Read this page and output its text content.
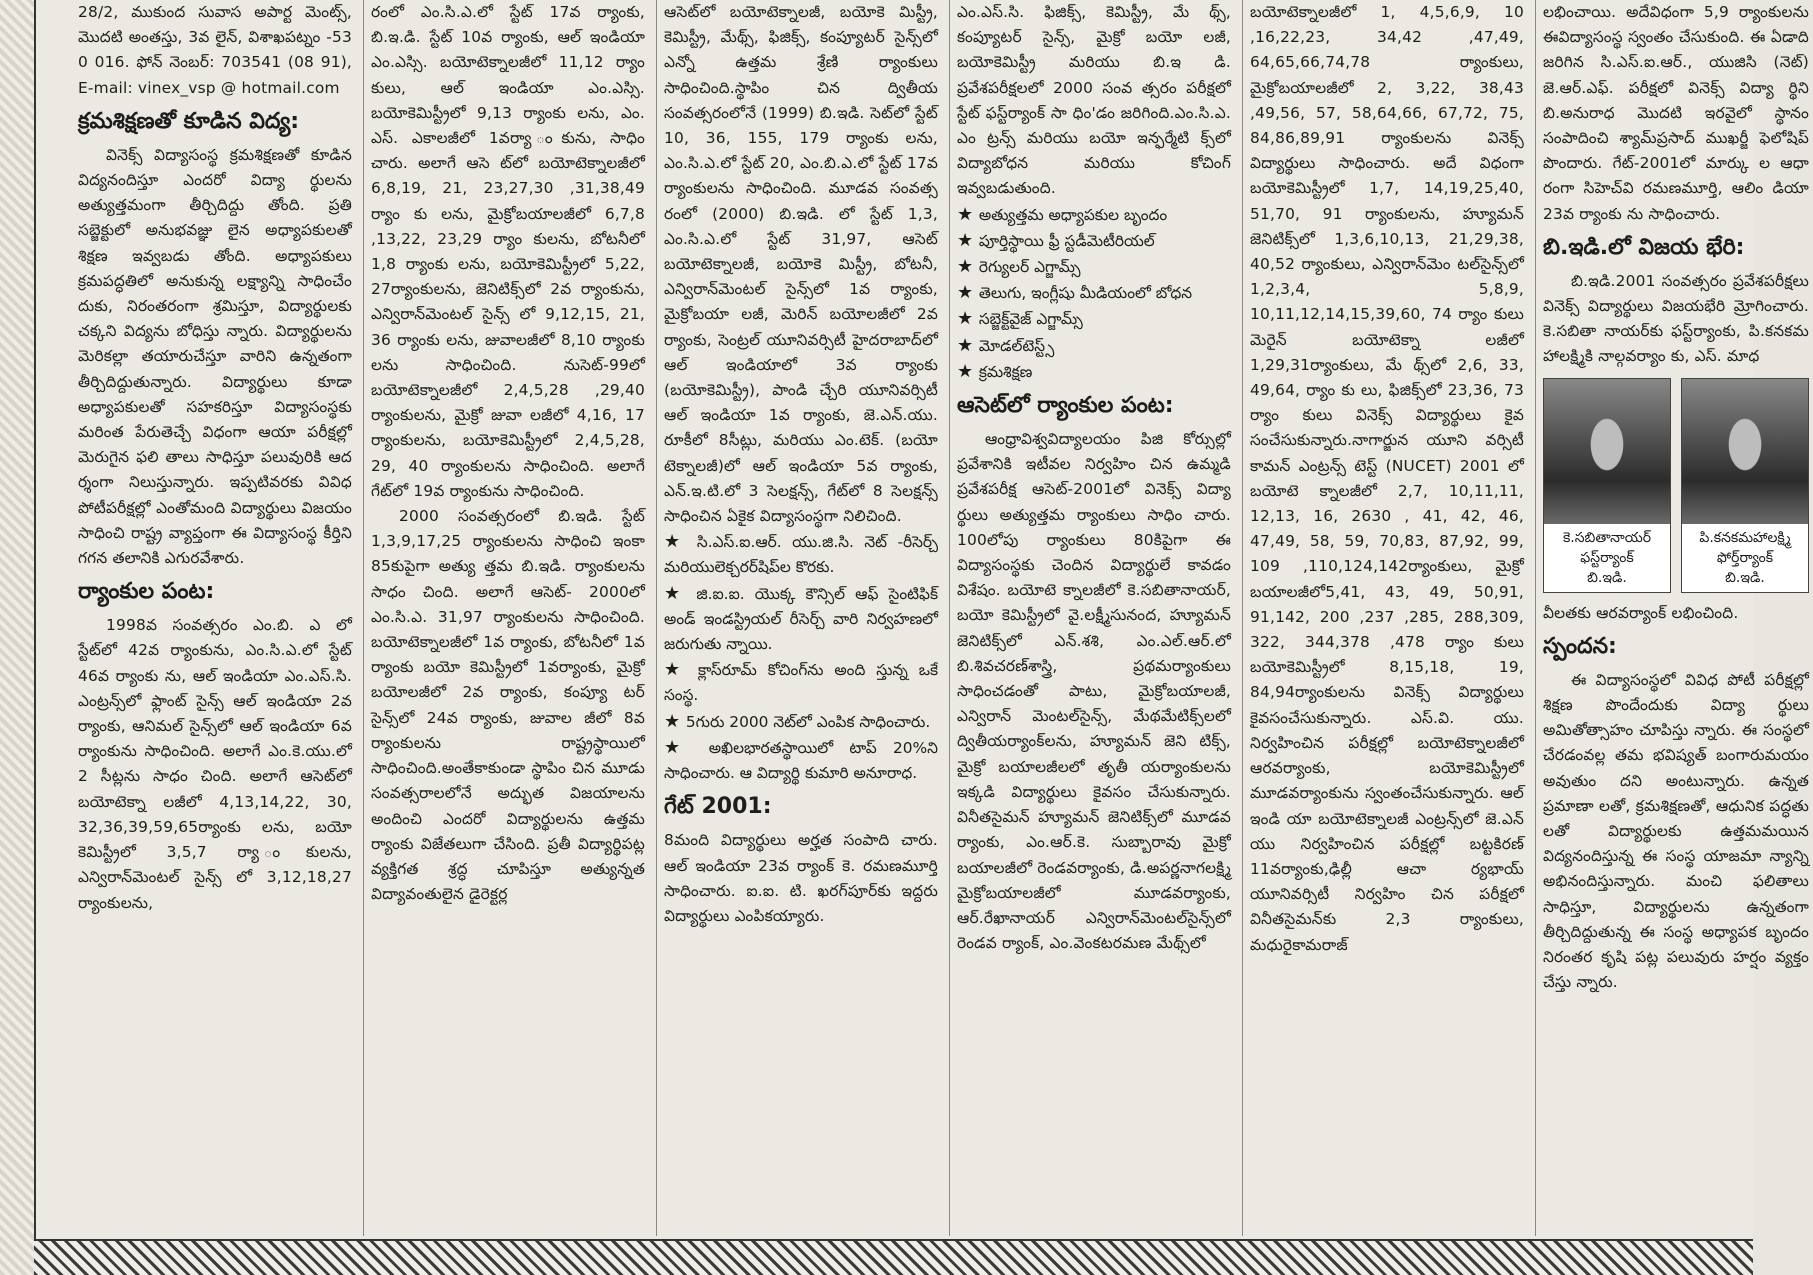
28/2, ముకుంద సువాస అపార్ట మెంట్స్, మొదటి అంతస్తు, 3వ లైన్, విశాఖపట్నం -53 0 016. ఫోన్ నెంబర్: 703541 (08 91), E-mail: vinex_vsp @ hotmail.com

క్రమశిక్షణతో కూడిన విద్య:

వినెక్స్ విద్యాసంస్థ క్రమశిక్షణతో కూడిన విద్యనందిస్తూ ఎందరో విద్యా ర్థులను అత్యుత్తమంగా తీర్చిదిద్దు తోంది. ప్రతి సబ్జెక్టులో అనుభవజ్ఞు లైన అధ్యాపకులతో శిక్షణ ఇవ్వబడు తోంది. అధ్యాపకులు క్రమపద్ధతిలో అనుకున్న లక్ష్యాన్ని సాధించేం దుకు, నిరంతరంగా శ్రమిస్తూ, విద్యార్థులకు చక్కని విద్యను బోధిస్తు న్నారు. విద్యార్థులను మెరికల్లా తయారుచేస్తూ వారిని ఉన్నతంగా తీర్చిదిద్దుతున్నారు. విద్యార్థులు కూడా అధ్యాపకులతో సహకరిస్తూ విద్యాసంస్థకు మరింత పేరుతెచ్చే విధంగా ఆయా పరీక్షల్లో మెరుగైన ఫలి తాలు సాధిస్తూ పలువురికి ఆద ర్శంగా నిలుస్తున్నారు. ఇప్పటివరకు వివిధ పోటీపరీక్షల్లో ఎంతోమంది విద్యార్థులు విజయం సాధించి రాష్ట్ర వ్యాప్తంగా ఈ విద్యాసంస్థ కీర్తిని గగన తలానికి ఎగురవేశారు.

ర్యాంకుల పంట:

1998వ సంవత్సరం ఎం.బి. ఎ లో స్టేట్‌లో 42వ ర్యాంకును, ఎం.సి.ఎ.లో స్టేట్ 46వ ర్యాంకు ను, ఆల్ ఇండియా ఎం.ఎస్.సి. ఎంట్రన్స్‌లో ఫ్లాంట్ సైన్స్ ఆల్ ఇండియా 2వ ర్యాంకు, ఆనిమల్ సైన్స్‌లో ఆల్ ఇండియా 6వ ర్యాంకును సాధించింది. అలాగే ఎం.కె.యు.లో 2 సీట్లను సాధం చింది. అలాగే ఆసెట్‌లో బయోటెక్నా లజీలో 4,13,14,22, 30, 32,36,39,59,65ర్యాంకు లను, బయో కెమిస్ట్రీలో 3,5,7 ర్యా ంకులను, ఎన్విరాన్‌మెంటల్ సైన్స్ లో 3,12,18,27 ర్యాంకులను,

రంలో ఎం.సి.ఎ.లో స్టేట్ 17వ ర్యాంకు, బి.ఇ.డి. స్టేట్ 10వ ర్యాంకు, ఆల్ ఇండియా ఎం.ఎస్సి. బయోటెక్నాలజీలో 11,12 ర్యాం కులు, ఆల్ ఇండియా ఎం.ఎస్సి. బయోకెమిస్ట్రీలో 9,13 ర్యాంకు లను, ఎం. ఎస్. ఎకాలజీలో 1వర్యా ంకును, సాధిం చారు. అలాగే ఆసె ట్‌లో బయోటెక్నాలజీలో 6,8,19, 21, 23,27,30 ,31,38,49 ర్యాం కు లను, మైక్రోబయాలజీలో 6,7,8 ,13,22, 23,29 ర్యాం కులను, బోటనీలో 1,8 ర్యాంకు లను, బయోకెమిస్ట్రీలో 5,22, 27ర్యాంకులను, జెనిటిక్స్‌లో 2వ ర్యాంకును, ఎన్విరాన్‌మెంటల్ సైన్స్ లో 9,12,15, 21, 36 ర్యాంకు లను, జువాలజీలో 8,10 ర్యాంకు లను సాధించింది. నుసెట్-99లో బయోటెక్నాలజీలో 2,4,5,28 ,29,40 ర్యాంకులను, మైక్రో జువా లజీలో 4,16, 17 ర్యాంకులను, బయోకెమిస్ట్రీలో 2,4,5,28, 29, 40 ర్యాంకులను సాధించింది. అలాగే గేట్‌లో 19వ ర్యాంకును సాధించింది.

2000 సంవత్సరంలో బి.ఇడి. స్టేట్ 1,3,9,17,25 ర్యాంకులను సాధించి ఇంకా 85కుపైగా అత్యు త్తమ బి.ఇడి. ర్యాంకులను సాధం చింది. అలాగే ఆసెట్- 2000లో ఎం.సి.ఎ. 31,97 ర్యాంకులను సాధించింది. బయోటెక్నాలజీలో 1వ ర్యాంకు, బోటనీలో 1వ ర్యాంకు బయో కెమిస్ట్రీలో 1వర్యాంకు, మైక్రో బయోలజీలో 2వ ర్యాంకు, కంప్యూ టర్ సైన్స్‌లో 24వ ర్యాంకు, జువాల జీలో 8వ ర్యాంకులను రాష్ట్రస్థాయిలో సాధించింది.అంతేకాకుండా స్థాపిం చిన మూడు సంవత్సరాలలోనే అద్భుత విజయాలను అందించి ఎందరో విద్యార్థులను ఉత్తమ ర్యాంకు విజేతలుగా చేసింది. ప్రతీ విద్యార్థిపట్ల వ్యక్తిగత శ్రద్ధ చూపిస్తూ అత్యున్నత విద్యావంతులైన డైరెక్టర్ల

ఆసెట్‌లో బయోటెక్నాలజీ, బయోకె మిస్ట్రీ, కెమిస్ట్రీ, మేథ్స్, ఫిజిక్స్, కంప్యూటర్ సైన్స్‌లో ఎన్నో ఉత్తమ శ్రేణి ర్యాంకులు సాధించింది.స్థాపిం చిన ద్వితీయ సంవత్సరంలోనే (1999) బి.ఇడి. సెట్‌లో స్టేట్ 10, 36, 155, 179 ర్యాంకు లను, ఎం.సి.ఎ.లో స్టేట్ 20, ఎం.బి.ఎ.లో స్టేట్ 17వ ర్యాంకులను సాధించింది. మూడవ సంవత్స రంలో (2000) బి.ఇడి. లో స్టేట్ 1,3, ఎం.సి.ఎ.లో స్టేట్ 31,97, ఆసెట్ బయోటెక్నాలజీ, బయోకె మిస్ట్రీ, బోటనీ, ఎన్విరాన్‌మెంటల్ సైన్స్‌లో 1వ ర్యాంకు, మైక్రోబయా లజీ, మెరిన్ బయోలజీలో 2వ ర్యాంకు, సెంట్రల్ యూనివర్సిటీ హైదరాబాద్‌లో ఆల్ ఇండియాలో 3వ ర్యాంకు (బయోకెమిస్ట్రీ), పాండి చ్చేరి యూనివర్సిటీ ఆల్ ఇండియా 1వ ర్యాంకు, జె.ఎన్.యు. రూకీలో 8సీట్లు, మరియు ఎం.టెక్. (బయో టెక్నాలజీ)లో ఆల్ ఇండియా 5వ ర్యాంకు, ఎన్.ఇ.టి.లో 3 సెలక్షన్స్, గేట్‌లో 8 సెలక్షన్స్ సాధించిన ఏకైక విద్యాసంస్థగా నిలిచింది.

★ సి.ఎస్.ఐ.ఆర్. యు.జి.సి. నెట్ -రీసెర్చ్ మరియులెక్చరర్‌షిప్‌ల కొరకు.
★ జి.ఐ.ఐ. యొక్క కౌన్సిల్ ఆఫ్ సైంటిఫిక్ అండ్ ఇండస్ట్రియల్ రీసెర్చ్ వారి నిర్వహణలో జరుగుతు న్నాయి.
★ క్లాస్‌రూమ్ కోచింగ్‌ను అంది స్తున్న ఒకే సంస్థ.
★ 5గురు 2000 నెట్‌లో ఎంపిక సాధించారు.
★ అఖిలభారతస్థాయిలో టాప్ 20%ని సాధించారు. ఆ విద్యార్థి కుమారి అనూరాధ.
గేట్ 2001:

8మంది విద్యార్థులు అర్హత సంపాది చారు. ఆల్ ఇండియా 23వ ర్యాంక్ కె. రమణమూర్తి సాధించారు. ఐ.ఐ. టి. ఖరగ్‌పూర్‌కు ఇద్దరు విద్యార్థులు ఎంపికయ్యారు.

ఎం.ఎస్.సి. ఫిజిక్స్, కెమిస్ట్రీ, మే థ్స్, కంప్యూటర్ సైన్స్, మైక్రో బయో లజీ, బయోకెమిస్ట్రీ మరియు బి.ఇ డి. ప్రవేశపరీక్షలలో 2000 సంవ త్సరం పరీక్షలో స్టేట్ ఫస్ట్‌ర్యాంక్ సా ధిం'డం జరిగింది.ఎం.సి.ఎ. ఎం ట్రన్స్ మరియు బయో ఇన్ఫర్మేటి క్స్‌లో విద్యాబోధన మరియు కోచింగ్ ఇవ్వబడుతుంది.

★ అత్యుత్తమ అధ్యాపకుల బృందం
★ పూర్తిస్థాయి ఫ్రీ స్టడీమెటీరియల్
★ రెగ్యులర్ ఎగ్జామ్స్
★ తెలుగు, ఇంగ్లీషు మీడియంలో బోధన
★ సబ్జెక్ట్‌వైజ్ ఎగ్జామ్స్
★ మోడల్‌టెస్ట్స్
★ క్రమశిక్షణ
ఆసెట్‌లో ర్యాంకుల పంట:

ఆంధ్రావిశ్వవిద్యాలయం పిజి కోర్సుల్లో ప్రవేశానికి ఇటీవల నిర్వహిం చిన ఉమ్మడి ప్రవేశపరీక్ష ఆసెట్-2001లో వినెక్స్ విద్యా ర్థులు అత్యుత్తమ ర్యాంకులు సాధిం చారు. 100లోపు ర్యాంకులు 80కిపైగా ఈ విద్యాసంస్థకు చెందిన విద్యార్థులే కావడం విశేషం. బయోటె క్నాలజీలో కె.సబితానాయర్, బయో కెమిస్ట్రీలో వై.లక్ష్మీసునంద, హ్యూమన్ జెనిటిక్స్‌లో ఎన్.శశి, ఎం.ఎల్.ఆర్.లో బి.శివచరణ్‌శాస్త్రి, ప్రథమర్యాంకులు సాధించడంతో పాటు, మైక్రోబయాలజీ, ఎన్విరాన్ మెంటల్‌సైన్స్, మేథమేటిక్స్‌లలో ద్వితీయర్యాంక్‌లను, హ్యూమన్ జెని టిక్స్, మైక్రో బయాలజీలలో తృతీ యర్యాంకులను ఇక్కడి విద్యార్థులు కైవసం చేసుకున్నారు. వినీతసైమన్ హ్యూమన్ జెనిటిక్స్‌లో మూడవ ర్యాంకు, ఎం.ఆర్.కె. సుబ్బారావు మైక్రో బయాలజీలో రెండవర్యాంకు, డి.అపర్ణనాగలక్ష్మి మైక్రోబయాలజీలో మూడవర్యాంకు, ఆర్.రేఖానాయర్ ఎన్విరాన్‌మెంటల్‌సైన్స్‌లో రెండవ ర్యాంక్, ఎం.వెంకటరమణ మేథ్స్‌లో

బయోటెక్నాలజీలో 1, 4,5,6,9, 10 ,16,22,23, 34,42 ,47,49, 64,65,66,74,78 ర్యాంకులు, మైక్రోబయాలజీలో 2, 3,22, 38,43 ,49,56, 57, 58,64,66, 67,72, 75, 84,86,89,91 ర్యాంకులను వినెక్స్ విద్యార్థులు సాధించారు. అదే విధంగా బయోకెమిస్ట్రీలో 1,7, 14,19,25,40, 51,70, 91 ర్యాంకులను, హ్యూమన్ జెనిటిక్స్‌లో 1,3,6,10,13, 21,29,38, 40,52 ర్యాంకులు, ఎన్విరాన్‌మెం టల్‌సైన్స్‌లో 1,2,3,4, 5,8,9, 10,11,12,14,15,39,60, 74 ర్యాం కులు మెరైన్ బయోటెక్నా లజీలో 1,29,31ర్యాంకులు, మే థ్స్‌లో 2,6, 33, 49,64, ర్యాం కు లు, ఫిజిక్స్‌లో 23,36, 73 ర్యాం కులు వినెక్స్ విద్యార్థులు కైవ సంచేసుకున్నారు.నాగార్జున యూని వర్సిటీ కామన్ ఎంట్రన్స్ టెస్ట్ (NUCET) 2001 లో బయోటె క్నాలజీలో 2,7, 10,11,11, 12,13, 16, 2630 , 41, 42, 46, 47,49, 58, 59, 70,83, 87,92, 99, 109 ,110,124,142ర్యాంకులు, మైక్రో బయాలజీలో5,41, 43, 49, 50,91, 91,142, 200 ,237 ,285, 288,309, 322, 344,378 ,478 ర్యాం కులు బయోకెమిస్ట్రీలో 8,15,18, 19, 84,94ర్యాంకులను వినెక్స్ విద్యార్థులు కైవసంచేసుకున్నారు. ఎస్.వి. యు. నిర్వహించిన పరీక్షల్లో బయోటెక్నాలజీలో ఆరవర్యాంకు, బయోకెమిస్ట్రీలో మూడవర్యాంకును స్వంతంచేసుకున్నారు. ఆల్ ఇండి యా బయోటెక్నాలజీ ఎంట్రన్స్‌లో జె.ఎన్ యు నిర్వహించిన పరీక్షల్లో బట్టకిరణ్ 11వర్యాంకు,ఢిల్లీ ఆచా ర్యభాయ్ యూనివర్సిటీ నిర్వహిం చిన పరీక్షలో వినీతసైమన్‌కు 2,3 ర్యాంకులు, మధురైకామరాజ్

లభించాయి. అదేవిధంగా 5,9 ర్యాంకులను ఈవిద్యాసంస్థ స్వంతం చేసుకుంది. ఈ ఏడాది జరిగిన సి.ఎస్.ఐ.ఆర్., యుజిసి (నెట్) జె.ఆర్.ఎఫ్. పరీక్షలో వినెక్స్ విద్యా ర్థిని బి.అనురాధ మొదటి ఇరవైలో స్థానం సంపాదించి శ్యామ్‌ప్రసాద్ ముఖర్జీ ఫెలోషిప్ పొందారు. గేట్-2001లో మార్కు ల ఆధా రంగా సిహెచ్‌వి రమణమూర్తి, ఆలిం డియా 23వ ర్యాంకు ను సాధించారు.

బి.ఇడి.లో విజయ భేరి:

బి.ఇడి.2001 సంవత్సరం ప్రవేశపరీక్షలు వినెక్స్ విద్యార్థులు విజయభేరి మ్రోగించారు. కె.సబితా నాయర్‌కు ఫస్ట్‌ర్యాంకు, పి.కనకమ హాలక్ష్మికి నాల్గవర్యాం కు, ఎస్. మాధ

కె.సబితానాయర్
ఫస్ట్‌ర్యాంక్
బి.ఇడి.
పి.కనకమహాలక్ష్మి
ఫోర్త్‌ర్యాంక్
బి.ఇడి.

వీలతకు ఆరవర్యాంక్ లభించింది.

స్పందన:

ఈ విద్యాసంస్థలో వివిధ పోటీ పరీక్షల్లో శిక్షణ పొందేందుకు విద్యా ర్థులు అమితోత్సాహం చూపిస్తు న్నారు. ఈ సంస్థలో చేరడంవల్ల తమ భవిష్యత్ బంగారుమయం అవుతుం దని అంటున్నారు. ఉన్నత ప్రమాణా లతో, క్రమశిక్షణతో, ఆధునిక పద్ధతు లతో విద్యార్థులకు ఉత్తమమయిన విద్యనందిస్తున్న ఈ సంస్థ యాజమా న్యాన్ని అభినందిస్తున్నారు. మంచి ఫలితాలు సాధిస్తూ, విద్యార్థులను ఉన్నతంగా తీర్చిదిద్దుతున్న ఈ సంస్థ అధ్యాపక బృందం నిరంతర కృషి పట్ల పలువురు హర్షం వ్యక్తం చేస్తు న్నారు.
